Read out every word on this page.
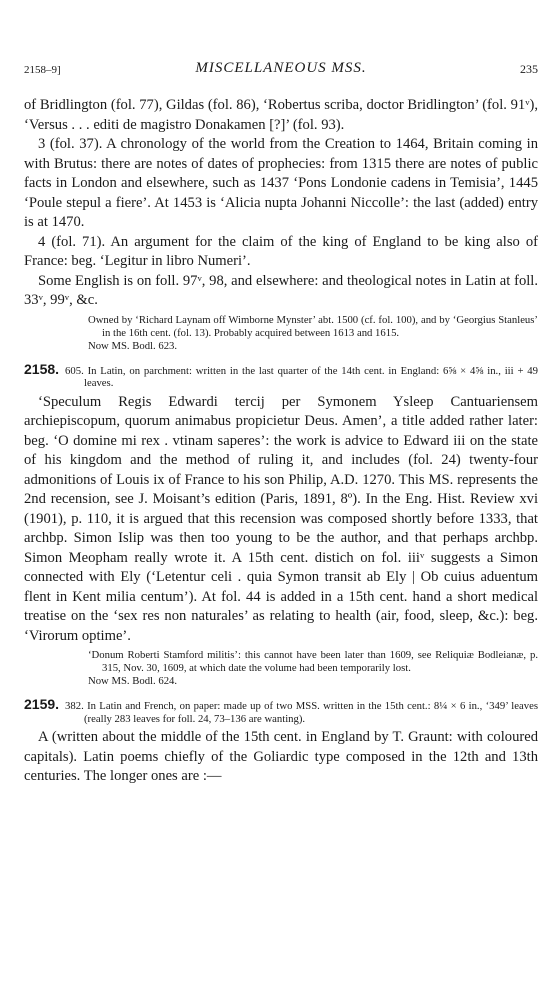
2158–9]	MISCELLANEOUS MSS.	235

of Bridlington (fol. 77), Gildas (fol. 86), ‘Robertus scriba, doctor Bridlington’ (fol. 91ᵛ), ‘Versus . . . editi de magistro Donakamen [?]’ (fol. 93).

3 (fol. 37). A chronology of the world from the Creation to 1464, Britain coming in with Brutus: there are notes of dates of prophecies: from 1315 there are notes of public facts in London and elsewhere, such as 1437 ‘Pons Londonie cadens in Temisia’, 1445 ‘Poule stepul a fiere’. At 1453 is ‘Alicia nupta Johanni Niccolle’: the last (added) entry is at 1470.

4 (fol. 71). An argument for the claim of the king of England to be king also of France: beg. ‘Legitur in libro Numeri’.

Some English is on foll. 97ᵛ, 98, and elsewhere: and theological notes in Latin at foll. 33ᵛ, 99ᵛ, &c.

Owned by ‘Richard Laynam off Wimborne Mynster’ abt. 1500 (cf. fol. 100), and by ‘Georgius Stanleus’ in the 16th cent. (fol. 13). Probably acquired between 1613 and 1615.

Now MS. Bodl. 623.

2158. 605. In Latin, on parchment: written in the last quarter of the 14th cent. in England: 6⅝ × 4⅝ in., iii + 49 leaves.

‘Speculum Regis Edwardi tercij per Symonem Ysleep Cantuariensem archiepiscopum, quorum animabus propicietur Deus. Amen’, a title added rather later: beg. ‘O domine mi rex . vtinam saperes’: the work is advice to Edward iii on the state of his kingdom and the method of ruling it, and includes (fol. 24) twenty-four admonitions of Louis ix of France to his son Philip, A.D. 1270. This MS. represents the 2nd recension, see J. Moisant’s edition (Paris, 1891, 8º). In the Eng. Hist. Review xvi (1901), p. 110, it is argued that this recension was composed shortly before 1333, that archbp. Simon Islip was then too young to be the author, and that perhaps archbp. Simon Meopham really wrote it. A 15th cent. distich on fol. iiiᵛ suggests a Simon connected with Ely (‘Letentur celi . quia Symon transit ab Ely | Ob cuius aduentum flent in Kent milia centum’). At fol. 44 is added in a 15th cent. hand a short medical treatise on the ‘sex res non naturales’ as relating to health (air, food, sleep, &c.): beg. ‘Virorum optime’.

‘Donum Roberti Stamford militis’: this cannot have been later than 1609, see Reliquiæ Bodleianæ, p. 315, Nov. 30, 1609, at which date the volume had been temporarily lost.

Now MS. Bodl. 624.

2159. 382. In Latin and French, on paper: made up of two MSS. written in the 15th cent.: 8¼ × 6 in., ‘349’ leaves (really 283 leaves for foll. 24, 73–136 are wanting).

A (written about the middle of the 15th cent. in England by T. Graunt: with coloured capitals). Latin poems chiefly of the Goliardic type composed in the 12th and 13th centuries. The longer ones are :—
